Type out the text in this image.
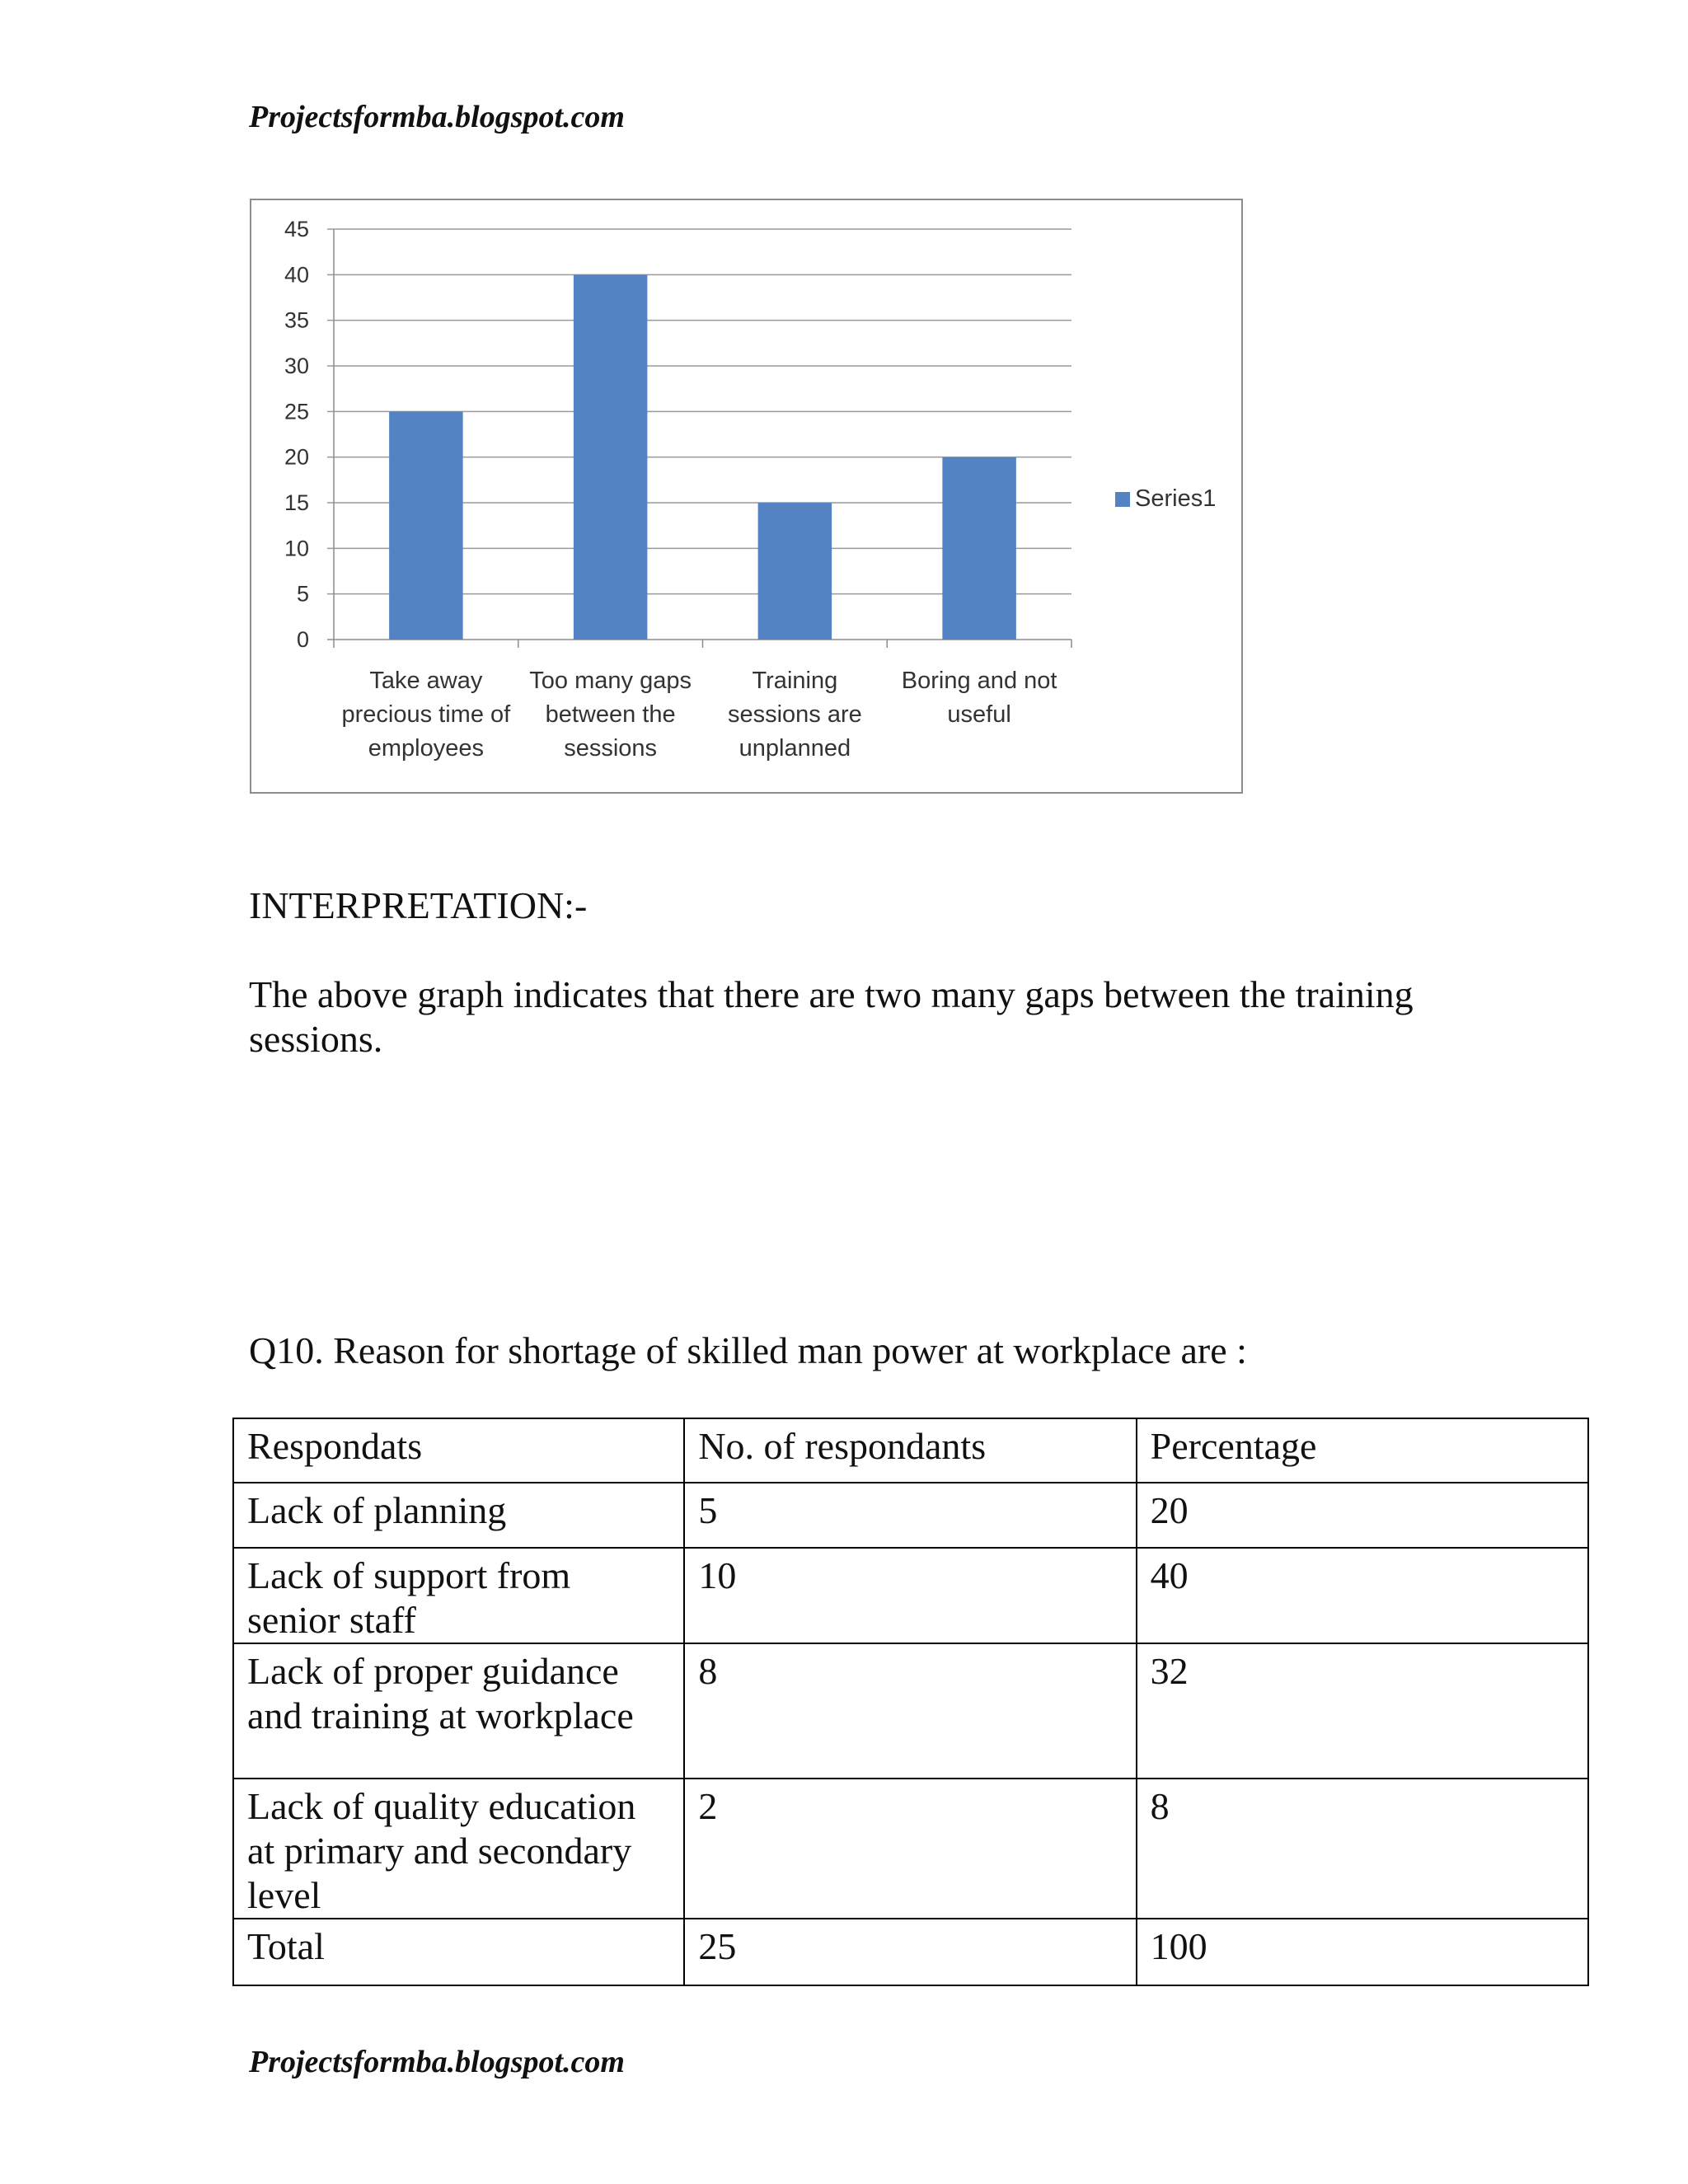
Projectsformba.blogspot.com
0
5
10
15
20
25
30
35
40
45
Take away precious time of employees
Too many gaps between the sessions
Training sessions are unplanned
Boring and not useful
Series1
INTERPRETATION:-
The above graph indicates that there are two many gaps between the training sessions.
Q10. Reason for shortage of skilled man power at workplace are :
Respondats	No. of respondants	Percentage
Lack of planning	5	20
Lack of support from senior staff	10	40
Lack of proper guidance and training at workplace	8	32
Lack of quality education at primary and secondary level	2	8
Total	25	100
Projectsformba.blogspot.com
